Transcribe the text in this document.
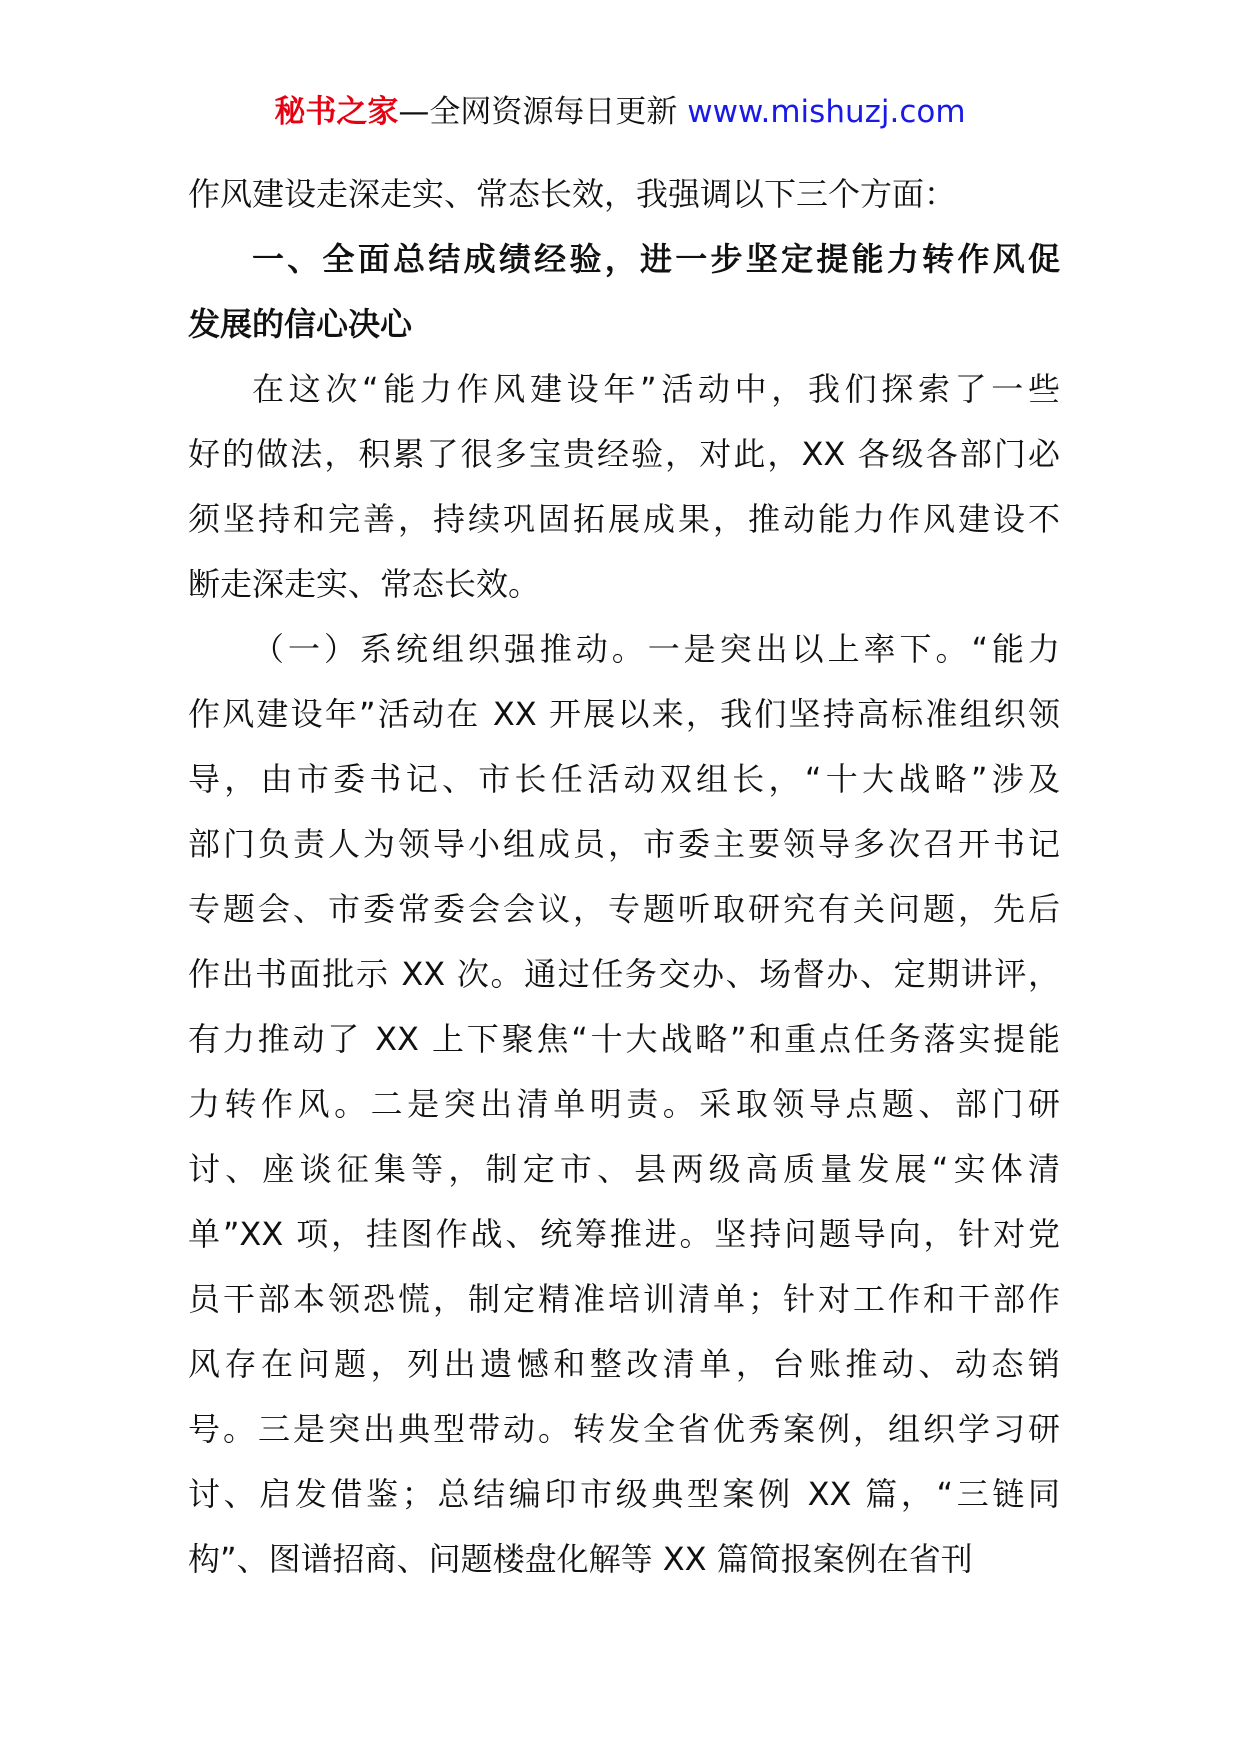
秘书之家—全网资源每日更新 www.mishuzj.com
作风建设走深走实、常态长效，我强调以下三个方面：
一、全面总结成绩经验，进一步坚定提能力转作风促
发展的信心决心
在这次“能力作风建设年”活动中，我们探索了一些
好的做法，积累了很多宝贵经验，对此，XX 各级各部门必
须坚持和完善，持续巩固拓展成果，推动能力作风建设不
断走深走实、常态长效。
（一）系统组织强推动。一是突出以上率下。“能力
作风建设年”活动在 XX 开展以来，我们坚持高标准组织领
导，由市委书记、市长任活动双组长，“十大战略”涉及
部门负责人为领导小组成员，市委主要领导多次召开书记
专题会、市委常委会会议，专题听取研究有关问题，先后
作出书面批示 XX 次。通过任务交办、场督办、定期讲评，
有力推动了 XX 上下聚焦“十大战略”和重点任务落实提能
力转作风。二是突出清单明责。采取领导点题、部门研
讨、座谈征集等，制定市、县两级高质量发展“实体清
单”XX 项，挂图作战、统筹推进。坚持问题导向，针对党
员干部本领恐慌，制定精准培训清单；针对工作和干部作
风存在问题，列出遗憾和整改清单，台账推动、动态销
号。三是突出典型带动。转发全省优秀案例，组织学习研
讨、启发借鉴；总结编印市级典型案例 XX 篇，“三链同
构”、图谱招商、问题楼盘化解等 XX 篇简报案例在省刊
